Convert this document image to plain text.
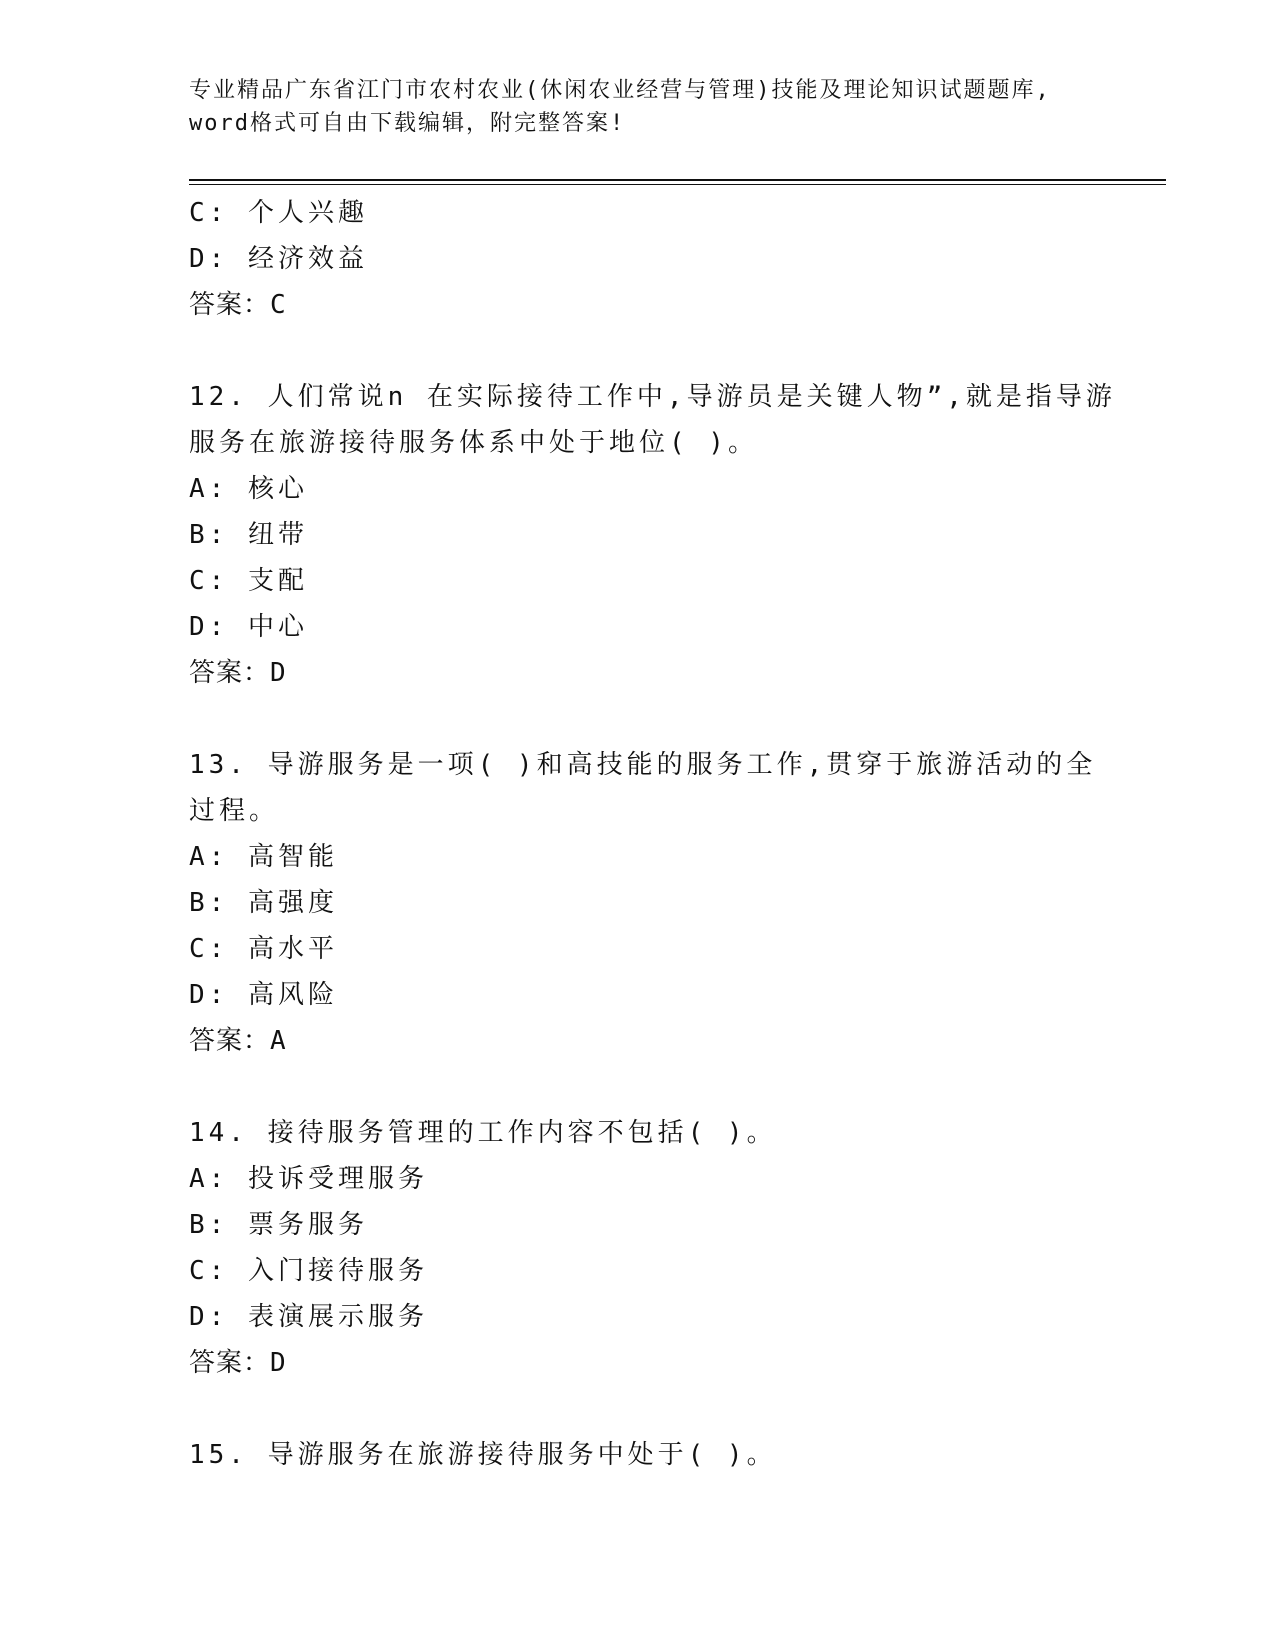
专业精品广东省江门市农村农业(休闲农业经营与管理)技能及理论知识试题题库,
word格式可自由下载编辑，附完整答案!
C: 个人兴趣
D: 经济效益
答案：C
12. 人们常说n 在实际接待工作中,导游员是关键人物”,就是指导游
服务在旅游接待服务体系中处于地位( )。
A: 核心
B: 纽带
C: 支配
D: 中心
答案：D
13. 导游服务是一项( )和高技能的服务工作,贯穿于旅游活动的全
过程。
A: 高智能
B: 高强度
C: 高水平
D: 高风险
答案：A
14. 接待服务管理的工作内容不包括( )。
A: 投诉受理服务
B: 票务服务
C: 入门接待服务
D: 表演展示服务
答案：D
15. 导游服务在旅游接待服务中处于( )。
